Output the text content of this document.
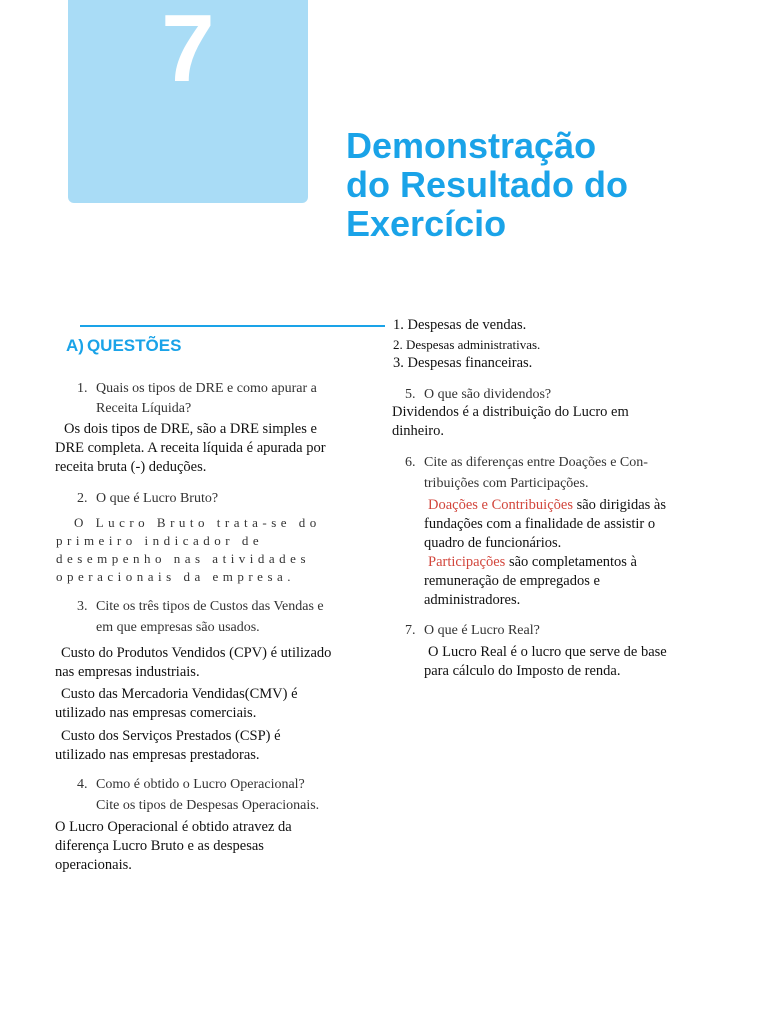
7
Demonstração
do Resultado do
Exercício
A) QUESTÕES
1. Quais os tipos de DRE e como apurar a
Receita Líquida?
Os dois tipos de DRE, são a DRE simples e
DRE completa. A receita líquida é apurada por
receita bruta (-) deduções.
2. O que é Lucro Bruto?
O Lucro Bruto trata-se do
primeiro indicador de
desempenho nas atividades
operacionais da empresa.
3. Cite os três tipos de Custos das Vendas e
em que empresas são usados.
Custo do Produtos Vendidos (CPV) é utilizado
nas empresas industriais.
Custo das Mercadoria Vendidas(CMV) é
utilizado nas empresas comerciais.
Custo dos Serviços Prestados (CSP) é
utilizado nas empresas prestadoras.
4. Como é obtido o Lucro Operacional?
Cite os tipos de Despesas Operacionais.
O Lucro Operacional é obtido atravez da
diferença Lucro Bruto e as despesas
operacionais.
1. Despesas de vendas.
2. Despesas administrativas.
3. Despesas financeiras.
5. O que são dividendos?
Dividendos é a distribuição do Lucro em
dinheiro.
6. Cite as diferenças entre Doações e Con-
tribuições com Participações.
Doações e Contribuições são dirigidas às
fundações com a finalidade de assistir o
quadro de funcionários.
Participações são completamentos à
remuneração de empregados e
administradores.
7. O que é Lucro Real?
O Lucro Real é o lucro que serve de base
para cálculo do Imposto de renda.
